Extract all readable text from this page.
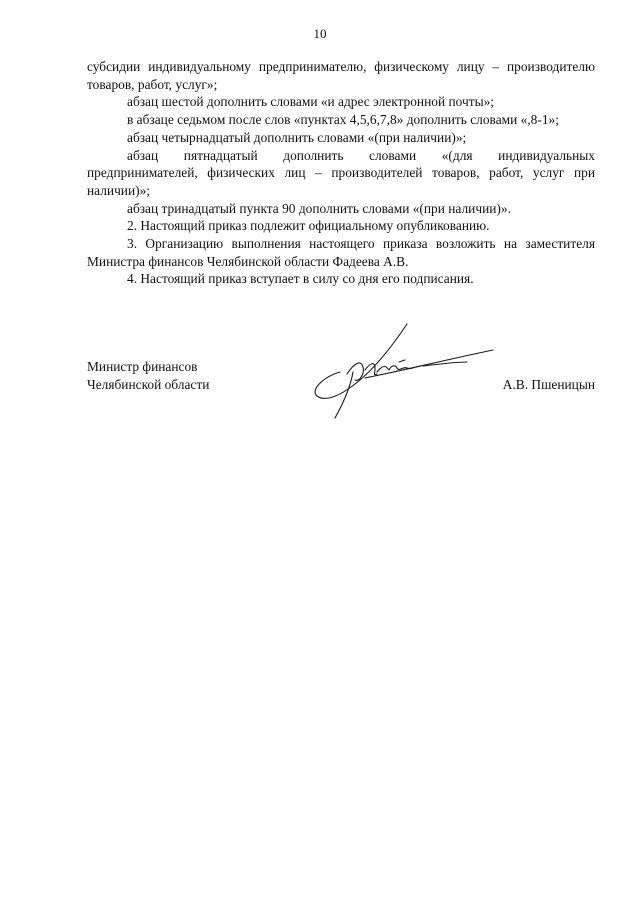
10

субсидии индивидуальному предпринимателю, физическому лицу – производителю товаров, работ, услуг»;

абзац шестой дополнить словами «и адрес электронной почты»;

в абзаце седьмом после слов «пунктах 4,5,6,7,8» дополнить словами «,8-1»;

абзац четырнадцатый дополнить словами «(при наличии)»;

абзац пятнадцатый дополнить словами «(для индивидуальных предпринимателей, физических лиц – производителей товаров, работ, услуг при наличии)»;

абзац тринадцатый пункта 90 дополнить словами «(при наличии)».

2. Настоящий приказ подлежит официальному опубликованию.

3. Организацию выполнения настоящего приказа возложить на заместителя Министра финансов Челябинской области Фадеева А.В.

4. Настоящий приказ вступает в силу со дня его подписания.

Министр финансов
Челябинской области	А.В. Пшеницын
